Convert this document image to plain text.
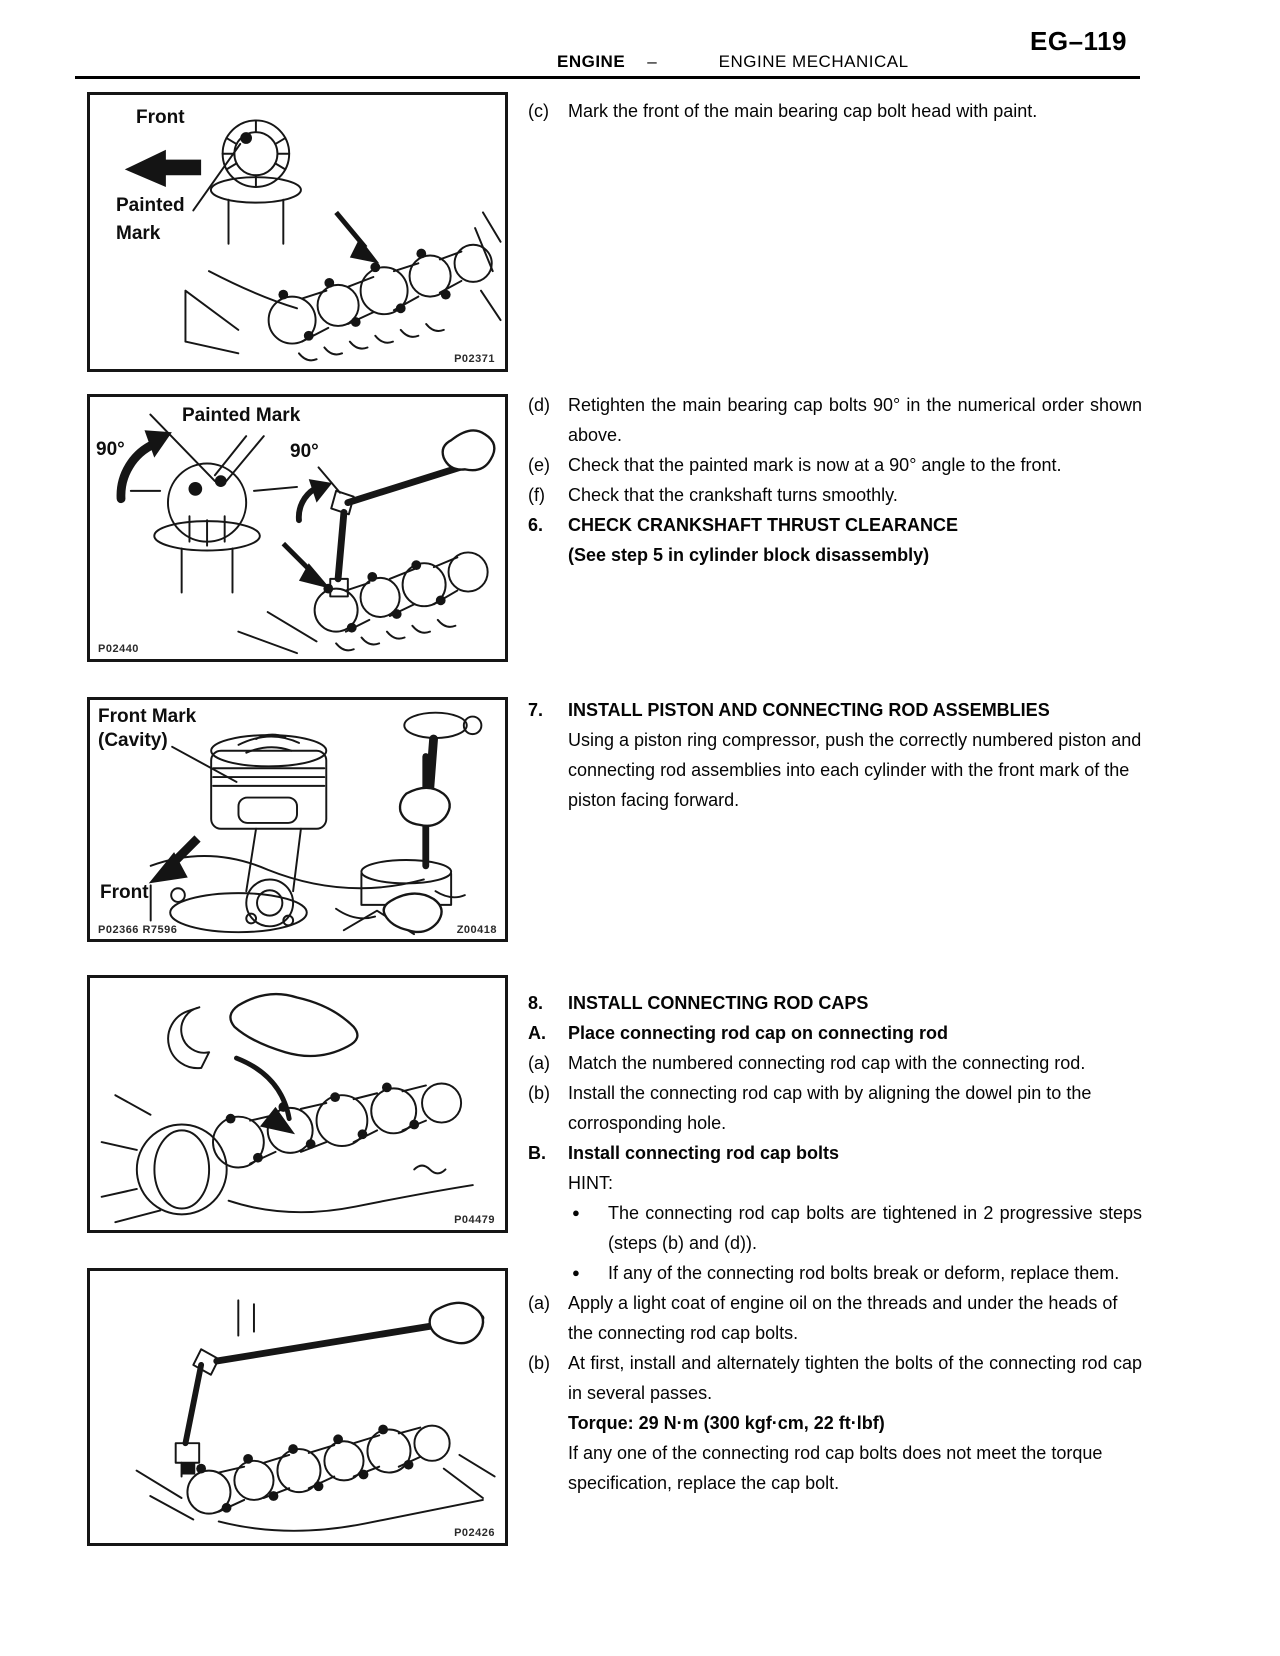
ENGINE –	ENGINE MECHANICAL
EG–119
Front
Painted
Mark
P02371
Painted Mark
90°	90°
P02440
Front Mark
(Cavity)
Front
P02366 R7596	Z00418
P04479
P02426
(c)	Mark the front of the main bearing cap bolt head with paint.
(d)	Retighten the main bearing cap bolts 90° in the numerical order shown above.
(e)	Check that the painted mark is now at a 90° angle to the front.
(f)	Check that the crankshaft turns smoothly.
6.	CHECK CRANKSHAFT THRUST CLEARANCE
(See step 5 in cylinder block disassembly)
7.	INSTALL PISTON AND CONNECTING ROD ASSEMBLIES
Using a piston ring compressor, push the correctly numbered piston and connecting rod assemblies into each cylinder with the front mark of the piston facing forward.
8.	INSTALL CONNECTING ROD CAPS
A.	Place connecting rod cap on connecting rod
(a)	Match the numbered connecting rod cap with the connecting rod.
(b)	Install the connecting rod cap with by aligning the dowel pin to the corrosponding hole.
B.	Install connecting rod cap bolts
HINT:
●	The connecting rod cap bolts are tightened in 2 progressive steps (steps (b) and (d)).
●	If any of the connecting rod bolts break or deform, replace them.
(a)	Apply a light coat of engine oil on the threads and under the heads of the connecting rod cap bolts.
(b)	At first, install and alternately tighten the bolts of the connecting rod cap in several passes.
Torque: 29 N·m (300 kgf·cm, 22 ft·lbf)
If any one of the connecting rod cap bolts does not meet the torque specification, replace the cap bolt.
